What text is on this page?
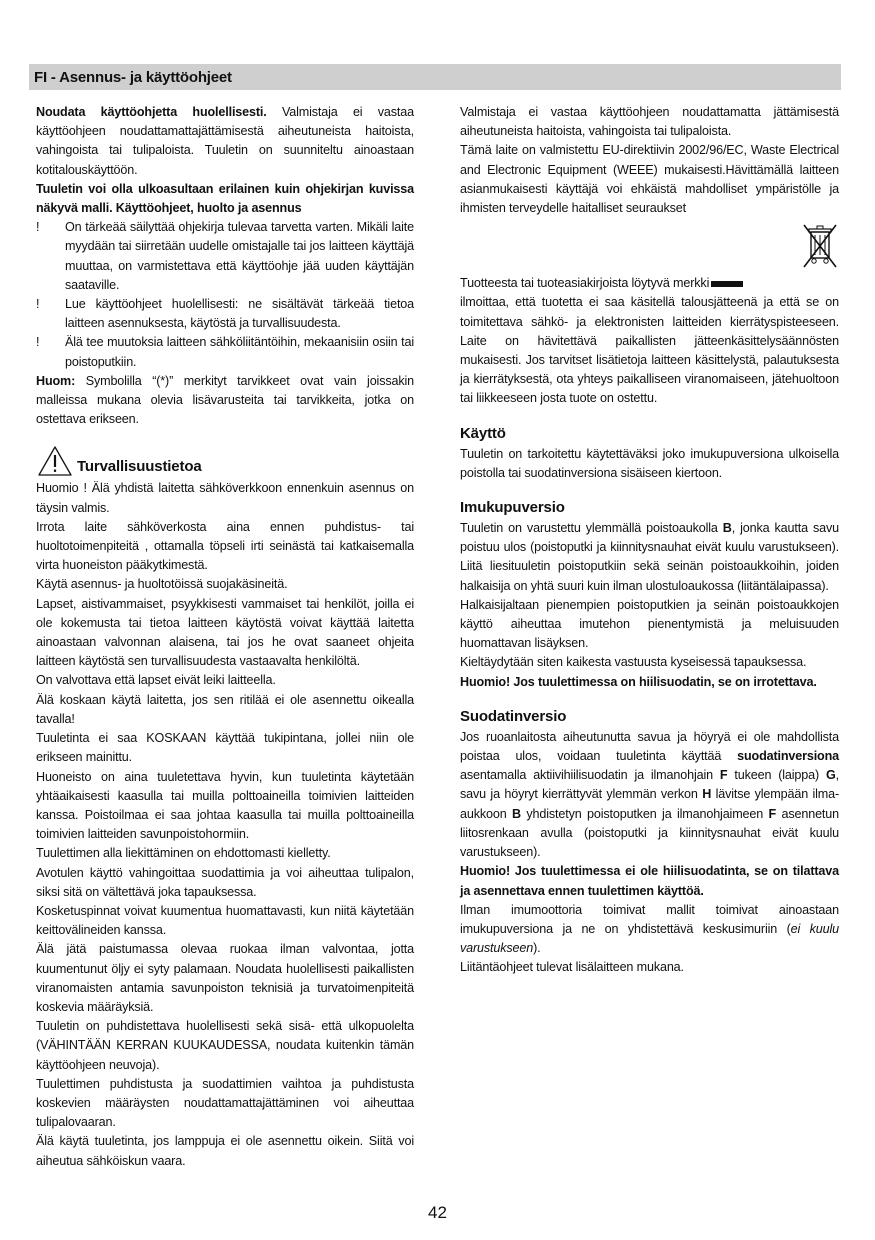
FI - Asennus- ja käyttöohjeet

Noudata käyttöohjetta huolellisesti. Valmistaja ei vastaa käyttöohjeen noudattamattajättämisestä aiheutuneista haitoista, vahingoista tai tulipaloista. Tuuletin on suunniteltu ainoastaan kotitalouskäyttöön.

Tuuletin voi olla ulkoasultaan erilainen kuin ohjekirjan kuvissa näkyvä malli. Käyttöohjeet, huolto ja asennus

!	On tärkeää säilyttää ohjekirja tulevaa tarvetta varten. Mikäli laite myydään tai siirretään uudelle omistajalle tai jos laitteen käyttäjä muuttaa, on varmistettava että käyttöohje jää uuden käyttäjän saataville.
!	Lue käyttöohjeet huolellisesti: ne sisältävät tärkeää tietoa laitteen asennuksesta, käytöstä ja turvallisuudesta.
!	Älä tee muutoksia laitteen sähköliitäntöihin, mekaanisiin osiin tai poistoputkiin.

Huom: Symbolilla “(*)” merkityt tarvikkeet ovat vain joissakin malleissa mukana olevia lisävarusteita tai tarvikkeita, jotka on ostettava erikseen.

Turvallisuustietoa

Huomio ! Älä yhdistä laitetta sähköverkkoon ennenkuin asennus on täysin valmis.

Irrota laite sähköverkosta aina ennen puhdistus- tai huoltotoimenpiteitä , ottamalla töpseli irti seinästä tai katkaisemalla virta huoneiston pääkytkimestä.

Käytä asennus- ja huoltotöissä suojakäsineitä.

Lapset, aistivammaiset, psyykkisesti vammaiset tai henkilöt, joilla ei ole kokemusta tai tietoa laitteen käytöstä voivat käyttää laitetta ainoastaan valvonnan alaisena, tai jos he ovat saaneet ohjeita laitteen käytöstä sen turvallisuudesta vastaavalta henkilöltä.

On valvottava että lapset eivät leiki laitteella.

Älä koskaan käytä laitetta, jos sen ritilää ei ole asennettu oikealla tavalla!

Tuuletinta ei saa KOSKAAN käyttää tukipintana, jollei niin ole erikseen mainittu.

Huoneisto on aina tuuletettava hyvin, kun tuuletinta käytetään yhtäaikaisesti kaasulla tai muilla polttoaineilla toimivien laitteiden kanssa. Poistoilmaa ei saa johtaa kaasulla tai muilla polttoaineilla toimivien laitteiden savunpoistohormiin.

Tuulettimen alla liekittäminen on ehdottomasti kielletty.

Avotulen käyttö vahingoittaa suodattimia ja voi aiheuttaa tulipalon, siksi sitä on vältettävä joka tapauksessa.

Kosketuspinnat voivat kuumentua huomattavasti, kun niitä käytetään keittovälineiden kanssa.

Älä jätä paistumassa olevaa ruokaa ilman valvontaa, jotta kuumentunut öljy ei syty palamaan. Noudata huolellisesti paikallisten viranomaisten antamia savunpoiston teknisiä ja turvatoimenpiteitä koskevia määräyksiä.

Tuuletin on puhdistettava huolellisesti sekä sisä- että ulkopuolelta (VÄHINTÄÄN KERRAN KUUKAUDESSA, noudata kuitenkin tämän käyttöohjeen neuvoja).

Tuulettimen puhdistusta ja suodattimien vaihtoa ja puhdistusta koskevien määräysten noudattamattajättäminen voi aiheuttaa tulipalovaaran.

Älä käytä tuuletinta, jos lamppuja ei ole asennettu oikein. Siitä voi aiheutua sähköiskun vaara.

Valmistaja ei vastaa käyttöohjeen noudattamatta jättämisestä aiheutuneista haitoista, vahingoista tai tulipaloista.

Tämä laite on valmistettu EU-direktiivin 2002/96/EC, Waste Electrical and Electronic Equipment (WEEE) mukaisesti.Hävittämällä laitteen asianmukaisesti käyttäjä voi ehkäistä mahdolliset ympäristölle ja ihmisten terveydelle haitalliset seuraukset

Tuotteesta tai tuoteasiakirjoista löytyvä merkki
ilmoittaa, että tuotetta ei saa käsitellä talousjätteenä ja että se on toimitettava sähkö- ja elektronisten laitteiden kierrätyspisteeseen. Laite on hävitettävä paikallisten jätteenkäsittelysäännösten mukaisesti. Jos tarvitset lisätietoja laitteen käsittelystä, palautuksesta ja kierrätyksestä, ota yhteys paikalliseen viranomaiseen, jätehuoltoon tai liikkeeseen josta tuote on ostettu.

Käyttö

Tuuletin on tarkoitettu käytettäväksi joko imukupuversiona ulkoisella poistolla tai suodatinversiona sisäiseen kiertoon.

Imukupuversio

Tuuletin on varustettu ylemmällä poistoaukolla B, jonka kautta savu poistuu ulos (poistoputki ja kiinnitysnauhat eivät kuulu varustukseen). Liitä liesituuletin poistoputkiin sekä seinän poistoaukkoihin, joiden halkaisija on yhtä suuri kuin ilman ulostuloaukossa (liitäntälaipassa).

Halkaisijaltaan pienempien poistoputkien ja seinän poistoaukkojen käyttö aiheuttaa imutehon pienentymistä ja meluisuuden huomattavan lisäyksen.

Kieltäydytään siten kaikesta vastuusta kyseisessä tapauksessa.

Huomio! Jos tuulettimessa on hiilisuodatin, se on irrotettava.

Suodatinversio

Jos ruoanlaitosta aiheutunutta savua ja höyryä ei ole mahdollista poistaa ulos, voidaan tuuletinta käyttää suodatinversiona asentamalla aktiivihiilisuodatin ja ilmanohjain F tukeen (laippa) G, savu ja höyryt kierrättyvät ylemmän verkon H lävitse ylempään ilma-aukkoon B yhdistetyn poistoputken ja ilmanohjaimeen F asennetun liitosrenkaan avulla (poistoputki ja kiinnitysnauhat eivät kuulu varustukseen).

Huomio! Jos tuulettimessa ei ole hiilisuodatinta, se on tilattava ja asennettava ennen tuulettimen käyttöä.

Ilman imumoottoria toimivat mallit toimivat ainoastaan imukupuversiona ja ne on yhdistettävä keskusimuriin (ei kuulu varustukseen).

Liitäntäohjeet tulevat lisälaitteen mukana.

42
